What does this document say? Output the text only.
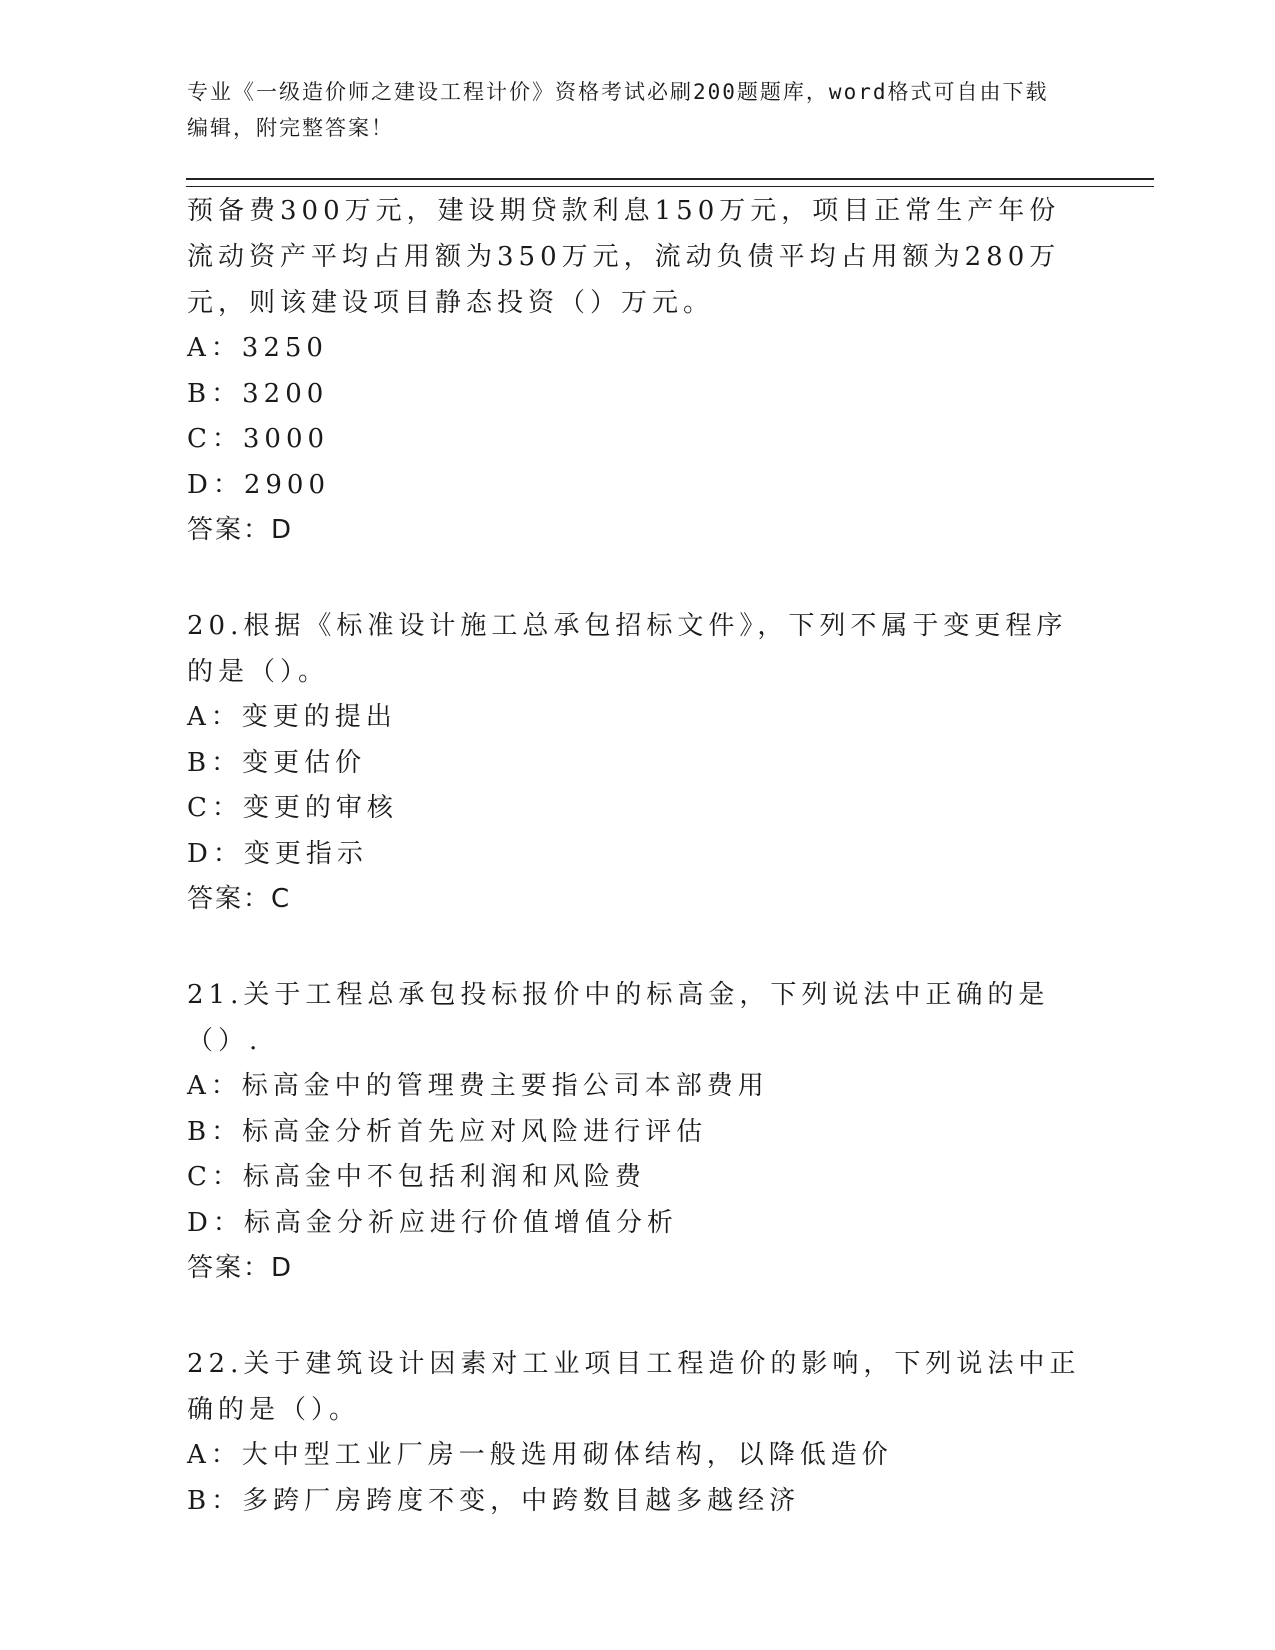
专业《一级造价师之建设工程计价》资格考试必刷200题题库，word格式可自由下载编辑，附完整答案！
预备费300万元，建设期贷款利息150万元，项目正常生产年份流动资产平均占用额为350万元，流动负债平均占用额为280万元，则该建设项目静态投资（）万元。
A：3250
B：3200
C：3000
D：2900
答案：D
20.根据《标准设计施工总承包招标文件》，下列不属于变更程序的是（）。
A：变更的提出
B：变更估价
C：变更的审核
D：变更指示
答案：C
21.关于工程总承包投标报价中的标高金，下列说法中正确的是（）.
A：标高金中的管理费主要指公司本部费用
B：标高金分析首先应对风险进行评估
C：标高金中不包括利润和风险费
D：标高金分祈应进行价值增值分析
答案：D
22.关于建筑设计因素对工业项目工程造价的影响，下列说法中正确的是（）。
A：大中型工业厂房一般选用砌体结构，以降低造价
B：多跨厂房跨度不变，中跨数目越多越经济
